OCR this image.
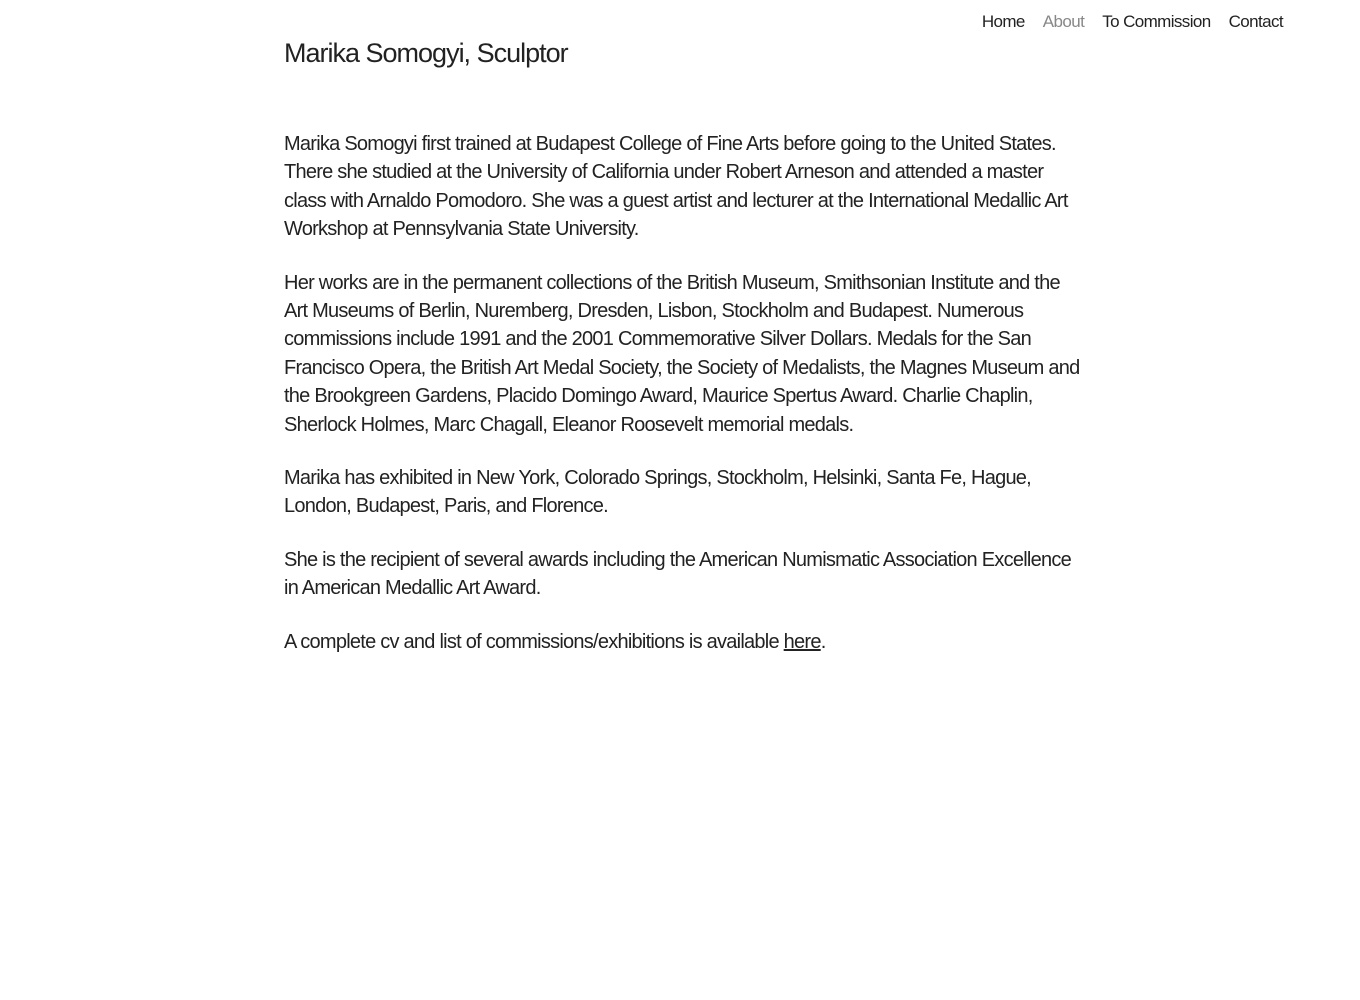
Home About To Commission Contact
Marika Somogyi, Sculptor

Marika Somogyi first trained at Budapest College of Fine Arts before going to the United States. There she studied at the University of California under Robert Arneson and attended a master class with Arnaldo Pomodoro. She was a guest artist and lecturer at the International Medallic Art Workshop at Pennsylvania State University.

Her works are in the permanent collections of the British Museum, Smithsonian Institute and the Art Museums of Berlin, Nuremberg, Dresden, Lisbon, Stockholm and Budapest. Numerous commissions include 1991 and the 2001 Commemorative Silver Dollars. Medals for the San Francisco Opera, the British Art Medal Society, the Society of Medalists, the Magnes Museum and the Brookgreen Gardens, Placido Domingo Award, Maurice Spertus Award. Charlie Chaplin, Sherlock Holmes, Marc Chagall, Eleanor Roosevelt memorial medals.

Marika has exhibited in New York, Colorado Springs, Stockholm, Helsinki, Santa Fe, Hague, London, Budapest, Paris, and Florence.

She is the recipient of several awards including the American Numismatic Association Excellence in American Medallic Art Award.

A complete cv and list of commissions/exhibitions is available here.
